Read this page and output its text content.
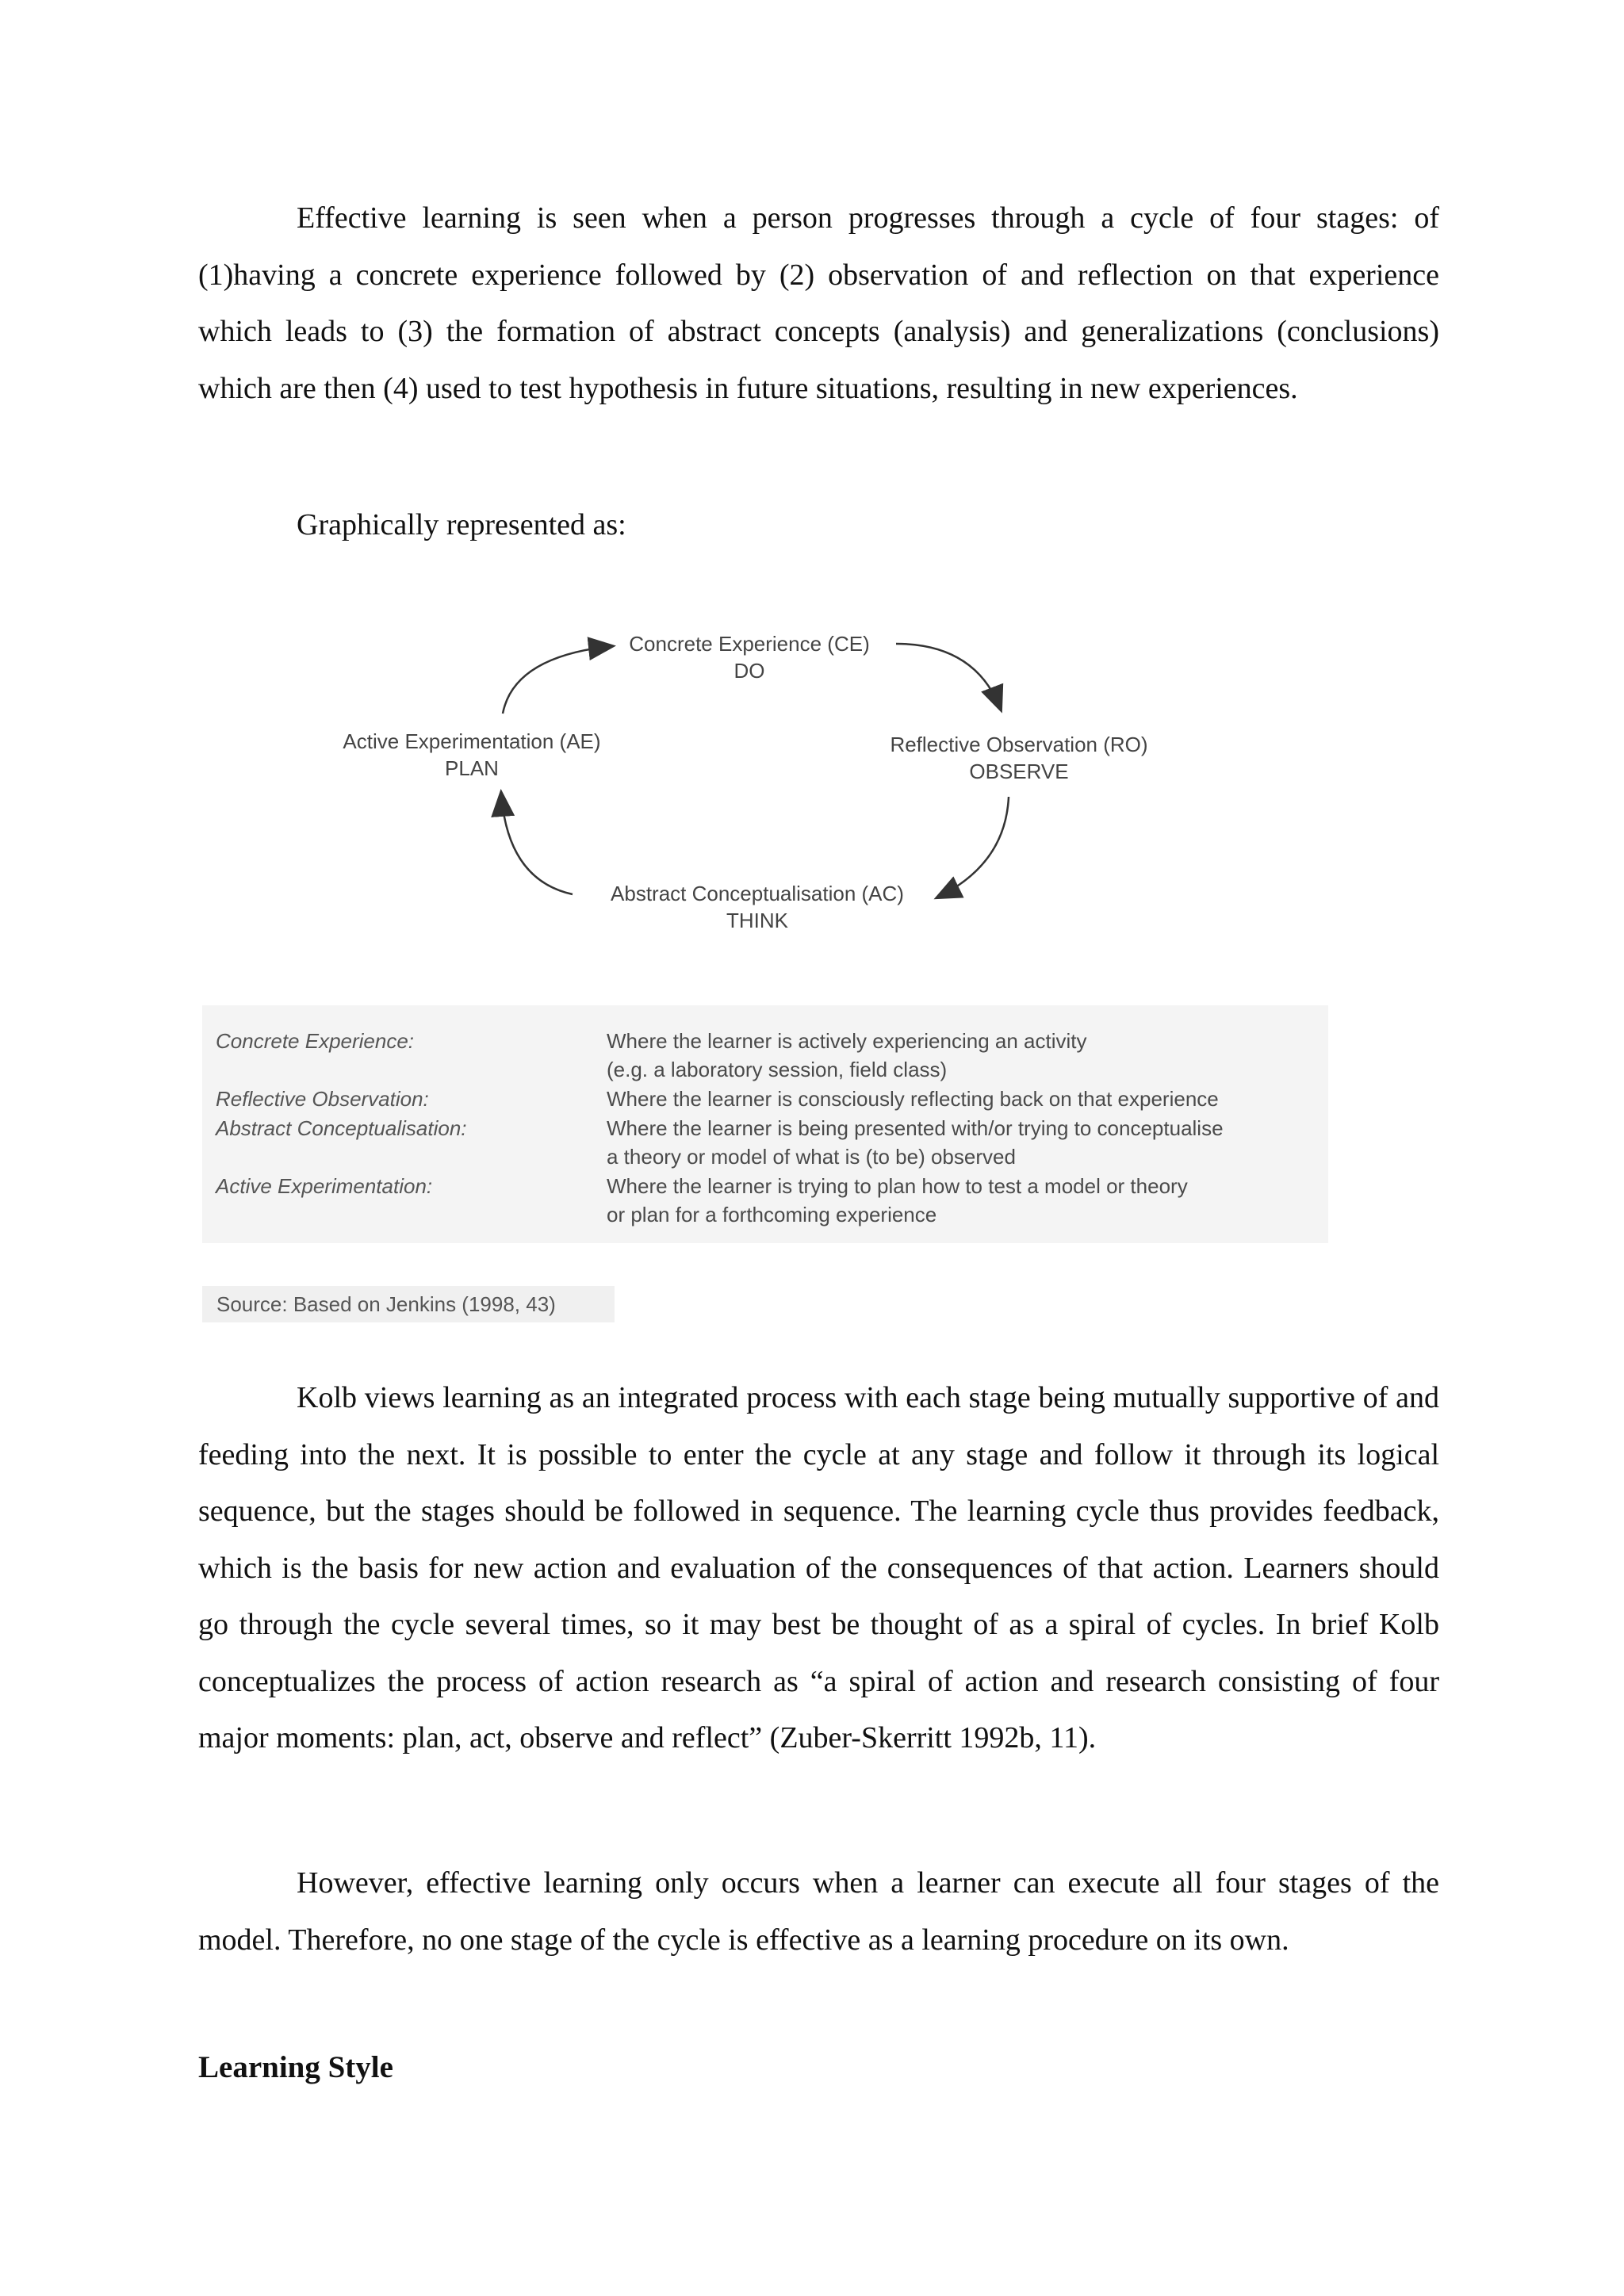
Effective learning is seen when a person progresses through a cycle of four stages: of (1)having a concrete experience followed by (2) observation of and reflection on that experience which leads to (3) the formation of abstract concepts (analysis) and generalizations (conclusions) which are then (4) used to test hypothesis in future situations, resulting in new experiences.

Graphically represented as:

Concrete Experience (CE)
DO
Reflective Observation (RO)
OBSERVE
Abstract Conceptualisation (AC)
THINK
Active Experimentation (AE)
PLAN
Concrete Experience:	Where the learner is actively experiencing an activity
(e.g. a laboratory session, field class)
Reflective Observation:	Where the learner is consciously reflecting back on that experience
Abstract Conceptualisation:	Where the learner is being presented with/or trying to conceptualise
a theory or model of what is (to be) observed
Active Experimentation:	Where the learner is trying to plan how to test a model or theory
or plan for a forthcoming experience
Source: Based on Jenkins (1998, 43)

Kolb views learning as an integrated process with each stage being mutually supportive of and feeding into the next. It is possible to enter the cycle at any stage and follow it through its logical sequence, but the stages should be followed in sequence. The learning cycle thus provides feedback, which is the basis for new action and evaluation of the consequences of that action. Learners should go through the cycle several times, so it may best be thought of as a spiral of cycles. In brief Kolb conceptualizes the process of action research as “a spiral of action and research consisting of four major moments: plan, act, observe and reflect” (Zuber-Skerritt 1992b, 11).

However, effective learning only occurs when a learner can execute all four stages of the model. Therefore, no one stage of the cycle is effective as a learning procedure on its own.

Learning Style
